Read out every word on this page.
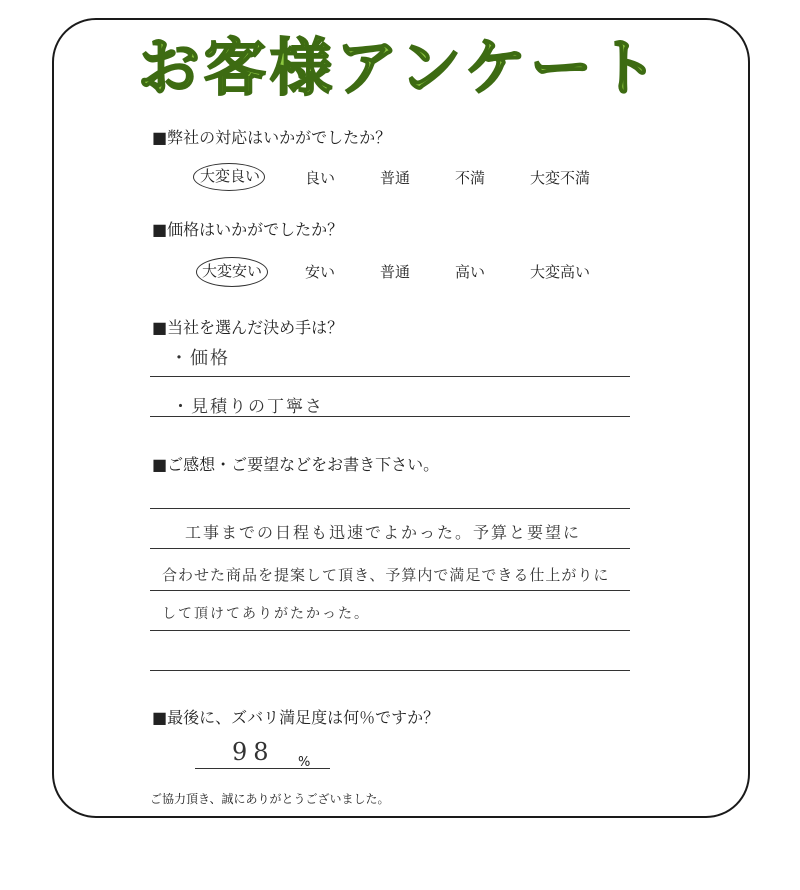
お客様アンケート
■弊社の対応はいかがでしたか？
大変良い	良い	普通	不満	大変不満
■価格はいかがでしたか？
大変安い	安い	普通	高い	大変高い
■当社を選んだ決め手は？
・価格
・見積りの丁寧さ
■ご感想・ご要望などをお書き下さい。
工事までの日程も迅速でよかった。予算と要望に
合わせた商品を提案して頂き、予算内で満足できる仕上がりに
して頂けてありがたかった。
■最後に、ズバリ満足度は何％ですか？
98 %
ご協力頂き、誠にありがとうございました。
